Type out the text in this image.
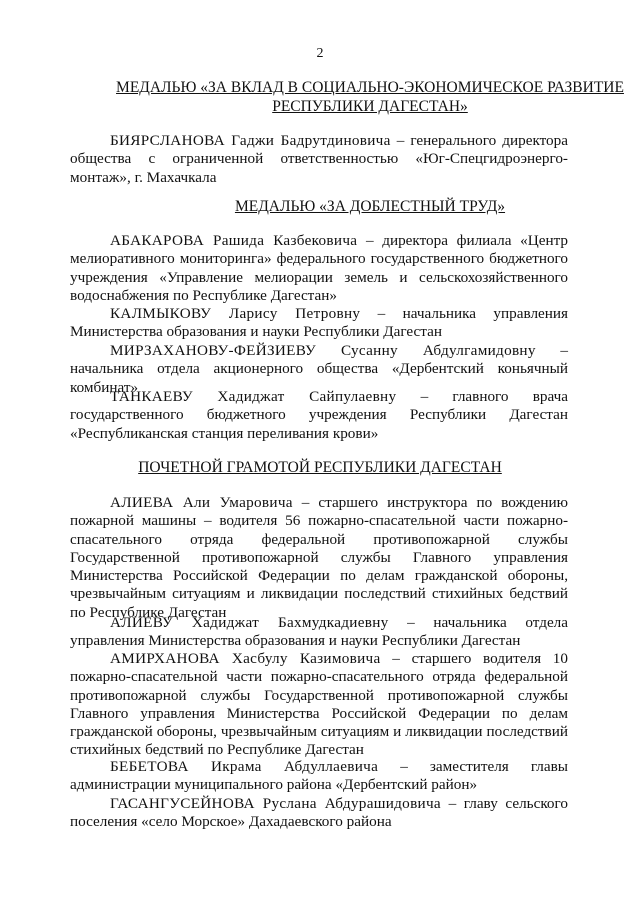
2
МЕДАЛЬЮ «ЗА ВКЛАД В СОЦИАЛЬНО-ЭКОНОМИЧЕСКОЕ РАЗВИТИЕ РЕСПУБЛИКИ ДАГЕСТАН»
БИЯРСЛАНОВА Гаджи Бадрутдиновича – генерального директора общества с ограниченной ответственностью «Юг-Спецгидроэнерго-монтаж», г. Махачкала
МЕДАЛЬЮ «ЗА ДОБЛЕСТНЫЙ ТРУД»
АБАКАРОВА Рашида Казбековича – директора филиала «Центр мелиоративного мониторинга» федерального государственного бюджетного учреждения «Управление мелиорации земель и сельскохозяйственного водоснабжения по Республике Дагестан»
КАЛМЫКОВУ Ларису Петровну – начальника управления Министерства образования и науки Республики Дагестан
МИРЗАХАНОВУ-ФЕЙЗИЕВУ Сусанну Абдулгамидовну – начальника отдела акционерного общества «Дербентский коньячный комбинат»
ТАНКАЕВУ Хадиджат Сайпулаевну – главного врача государственного бюджетного учреждения Республики Дагестан «Республиканская станция переливания крови»
ПОЧЕТНОЙ ГРАМОТОЙ РЕСПУБЛИКИ ДАГЕСТАН
АЛИЕВА Али Умаровича – старшего инструктора по вождению пожарной машины – водителя 56 пожарно-спасательной части пожарно-спасательного отряда федеральной противопожарной службы Государственной противопожарной службы Главного управления Министерства Российской Федерации по делам гражданской обороны, чрезвычайным ситуациям и ликвидации последствий стихийных бедствий по Республике Дагестан
АЛИЕВУ Хадиджат Бахмудкадиевну – начальника отдела управления Министерства образования и науки Республики Дагестан
АМИРХАНОВА Хасбулу Казимовича – старшего водителя 10 пожарно-спасательной части пожарно-спасательного отряда федеральной противопожарной службы Государственной противопожарной службы Главного управления Министерства Российской Федерации по делам гражданской обороны, чрезвычайным ситуациям и ликвидации последствий стихийных бедствий по Республике Дагестан
БЕБЕТОВА Икрама Абдуллаевича – заместителя главы администрации муниципального района «Дербентский район»
ГАСАНГУСЕЙНОВА Руслана Абдурашидовича – главу сельского поселения «село Морское» Дахадаевского района
